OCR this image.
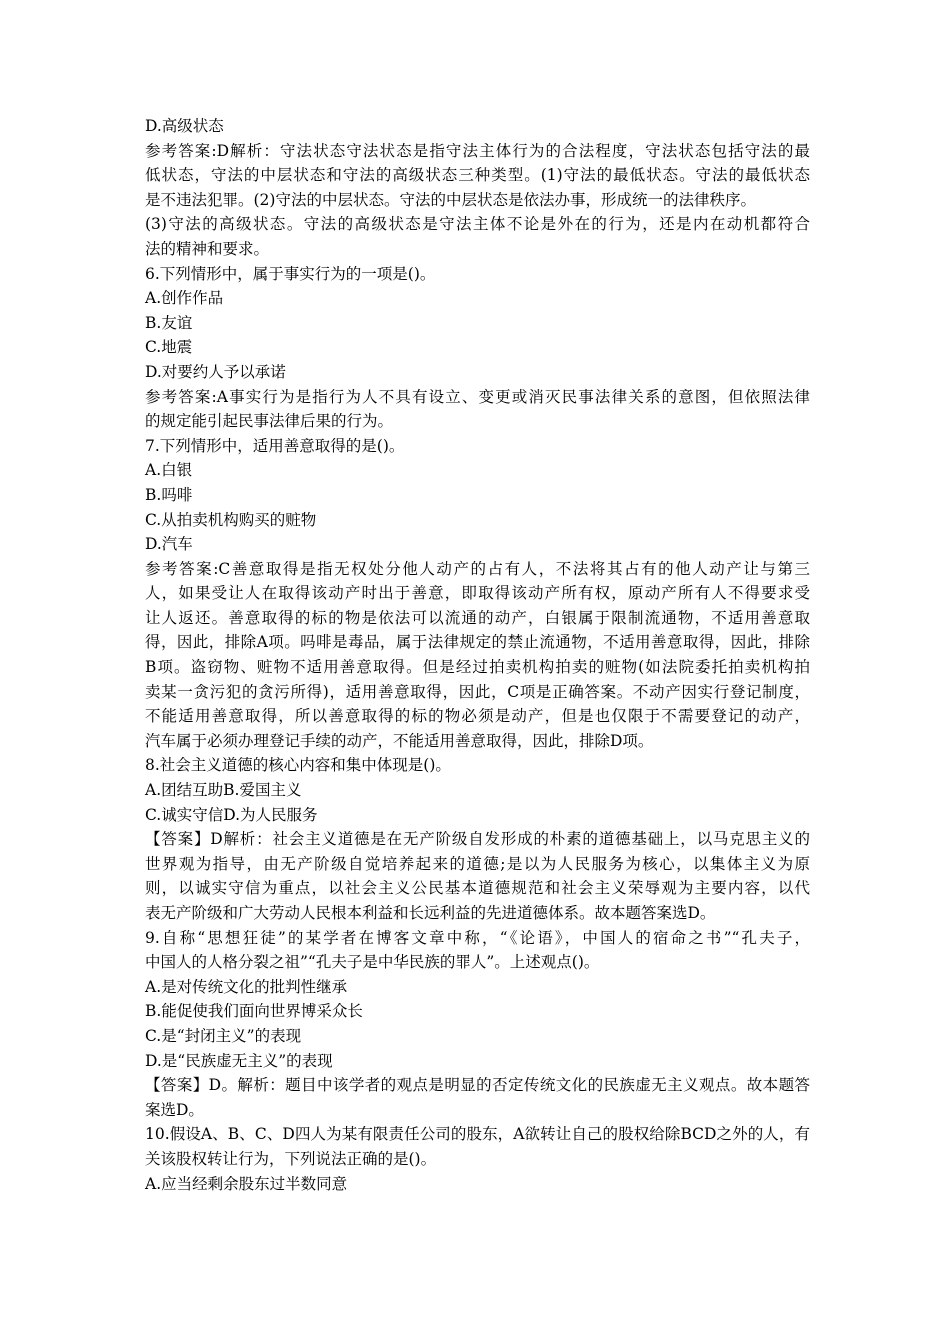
D.高级状态
参考答案:D解析：守法状态守法状态是指守法主体行为的合法程度，守法状态包括守法的最
低状态，守法的中层状态和守法的高级状态三种类型。(1)守法的最低状态。守法的最低状态
是不违法犯罪。(2)守法的中层状态。守法的中层状态是依法办事，形成统一的法律秩序。
(3)守法的高级状态。守法的高级状态是守法主体不论是外在的行为，还是内在动机都符合
法的精神和要求。
6.下列情形中，属于事实行为的一项是()。
A.创作作品
B.友谊
C.地震
D.对要约人予以承诺
参考答案:A事实行为是指行为人不具有设立、变更或消灭民事法律关系的意图，但依照法律
的规定能引起民事法律后果的行为。
7.下列情形中，适用善意取得的是()。
A.白银
B.吗啡
C.从拍卖机构购买的赃物
D.汽车
参考答案:C善意取得是指无权处分他人动产的占有人，不法将其占有的他人动产让与第三
人，如果受让人在取得该动产时出于善意，即取得该动产所有权，原动产所有人不得要求受
让人返还。善意取得的标的物是依法可以流通的动产，白银属于限制流通物，不适用善意取
得，因此，排除A项。吗啡是毒品，属于法律规定的禁止流通物，不适用善意取得，因此，排除
B项。盗窃物、赃物不适用善意取得。但是经过拍卖机构拍卖的赃物(如法院委托拍卖机构拍
卖某一贪污犯的贪污所得)，适用善意取得，因此，C项是正确答案。不动产因实行登记制度，
不能适用善意取得，所以善意取得的标的物必须是动产，但是也仅限于不需要登记的动产，
汽车属于必须办理登记手续的动产，不能适用善意取得，因此，排除D项。
8.社会主义道德的核心内容和集中体现是()。
A.团结互助B.爱国主义
C.诚实守信D.为人民服务
【答案】D解析：社会主义道德是在无产阶级自发形成的朴素的道德基础上，以马克思主义的
世界观为指导，由无产阶级自觉培养起来的道德;是以为人民服务为核心，以集体主义为原
则，以诚实守信为重点，以社会主义公民基本道德规范和社会主义荣辱观为主要内容，以代
表无产阶级和广大劳动人民根本利益和长远利益的先进道德体系。故本题答案选D。
9.自称“思想狂徒”的某学者在博客文章中称，“《论语》，中国人的宿命之书”“孔夫子，
中国人的人格分裂之祖”“孔夫子是中华民族的罪人”。上述观点()。
A.是对传统文化的批判性继承
B.能促使我们面向世界博采众长
C.是“封闭主义”的表现
D.是“民族虚无主义”的表现
【答案】D。解析：题目中该学者的观点是明显的否定传统文化的民族虚无主义观点。故本题答
案选D。
10.假设A、B、C、D四人为某有限责任公司的股东，A欲转让自己的股权给除BCD之外的人，有
关该股权转让行为，下列说法正确的是()。
A.应当经剩余股东过半数同意
